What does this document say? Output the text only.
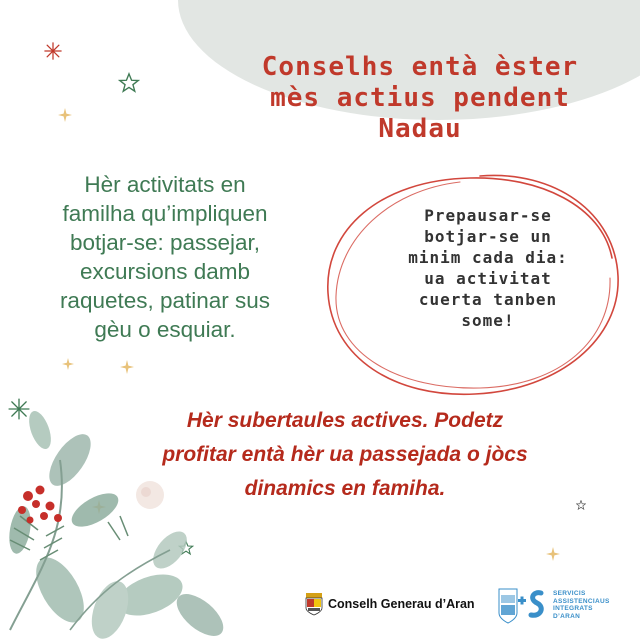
Conselhs entà èster
mès actius pendent
Nadau
Hèr activitats en
familha qu’impliquen
botjar-se: passejar,
excursions damb
raquetes, patinar sus
gèu o esquiar.
Prepausar-se
botjar-se un
minim cada dia:
ua activitat
cuerta tanben
some!
Hèr subertaules actives. Podetz
profitar entà hèr ua passejada o jòcs
dinamics en famiha.
Conselh Generau d’Aran
SERVICIS
ASSISTENCIAUS
INTEGRATS
D’ARAN
